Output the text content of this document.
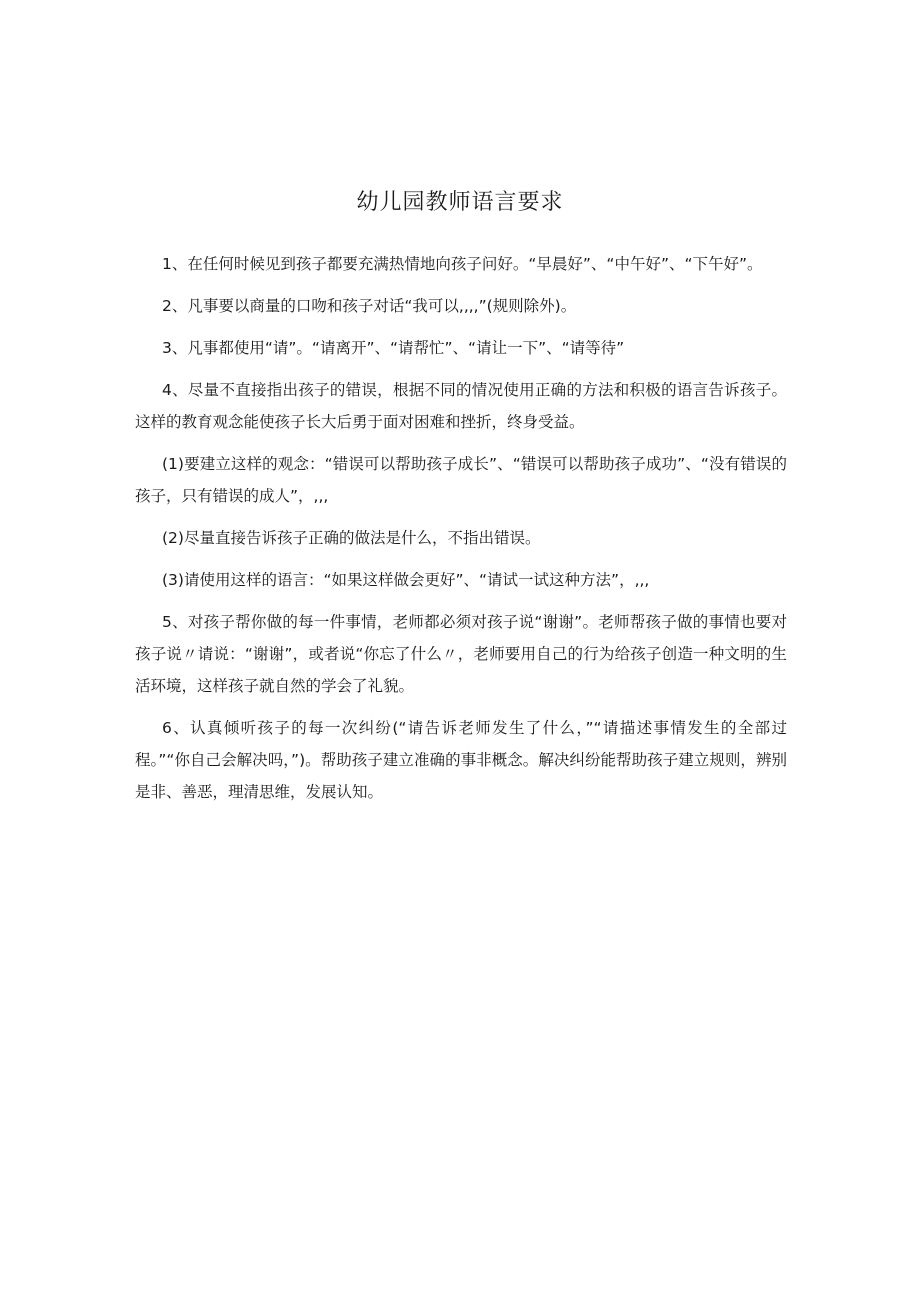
幼儿园教师语言要求

1、在任何时候见到孩子都要充满热情地向孩子问好。“早晨好”、“中午好”、“下午好”。

2、凡事要以商量的口吻和孩子对话“我可以,,,,”(规则除外)。

3、凡事都使用“请”。“请离开”、“请帮忙”、“请让一下”、“请等待”

4、尽量不直接指出孩子的错误，根据不同的情况使用正确的方法和积极的语言告诉孩子。这样的教育观念能使孩子长大后勇于面对困难和挫折，终身受益。

(1)要建立这样的观念：“错误可以帮助孩子成长”、“错误可以帮助孩子成功”、“没有错误的孩子，只有错误的成人”，,,,

(2)尽量直接告诉孩子正确的做法是什么，不指出错误。

(3)请使用这样的语言：“如果这样做会更好”、“请试一试这种方法”，,,,

5、对孩子帮你做的每一件事情，老师都必须对孩子说“谢谢”。老师帮孩子做的事情也要对孩子说〃请说：“谢谢”，或者说“你忘了什么〃，老师要用自己的行为给孩子创造一种文明的生活环境，这样孩子就自然的学会了礼貌。

6、认真倾听孩子的每一次纠纷(“请告诉老师发生了什么，”“请描述事情发生的全部过程。”“你自己会解决吗，”)。帮助孩子建立准确的事非概念。解决纠纷能帮助孩子建立规则，辨别是非、善恶，理清思维，发展认知。
